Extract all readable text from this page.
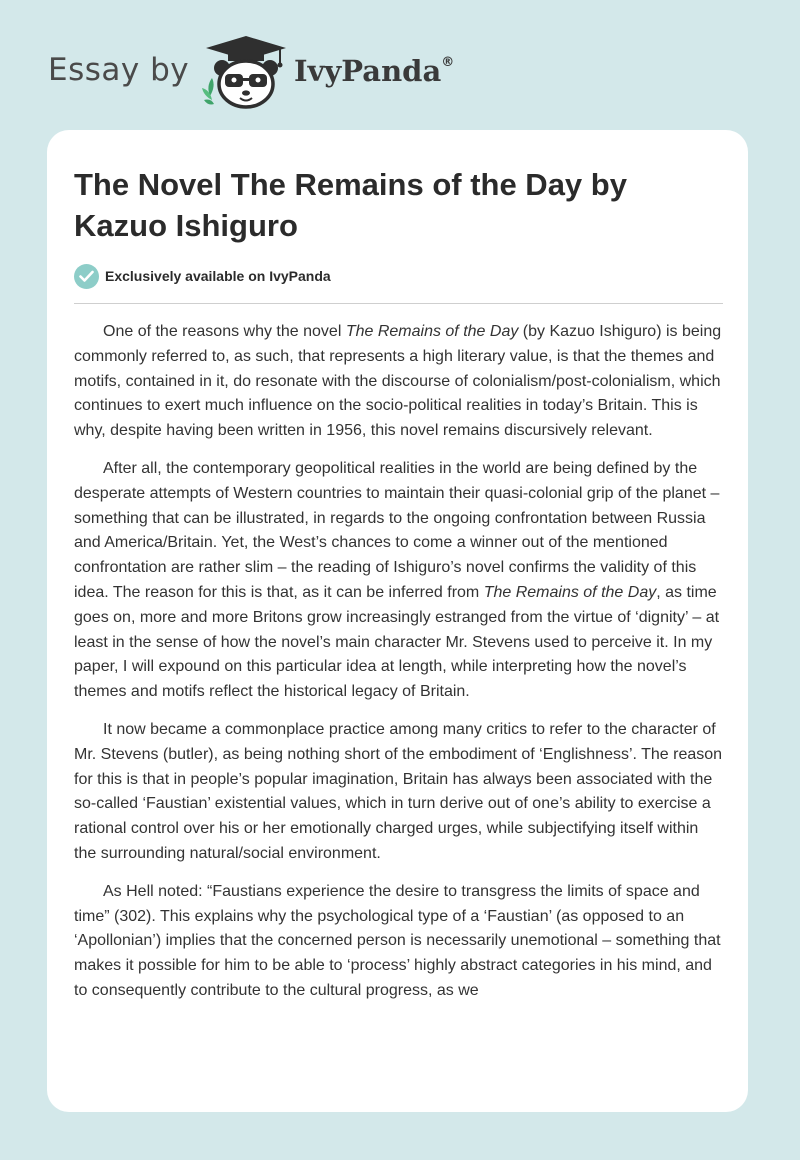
Essay by	IvyPanda®
The Novel The Remains of the Day by Kazuo Ishiguro
Exclusively available on IvyPanda

One of the reasons why the novel The Remains of the Day (by Kazuo Ishiguro) is being commonly referred to, as such, that represents a high literary value, is that the themes and motifs, contained in it, do resonate with the discourse of colonialism/post-colonialism, which continues to exert much influence on the socio-political realities in today’s Britain. This is why, despite having been written in 1956, this novel remains discursively relevant.

After all, the contemporary geopolitical realities in the world are being defined by the desperate attempts of Western countries to maintain their quasi-colonial grip of the planet – something that can be illustrated, in regards to the ongoing confrontation between Russia and America/Britain. Yet, the West’s chances to come a winner out of the mentioned confrontation are rather slim – the reading of Ishiguro’s novel confirms the validity of this idea. The reason for this is that, as it can be inferred from The Remains of the Day, as time goes on, more and more Britons grow increasingly estranged from the virtue of ‘dignity’ – at least in the sense of how the novel’s main character Mr. Stevens used to perceive it. In my paper, I will expound on this particular idea at length, while interpreting how the novel’s themes and motifs reflect the historical legacy of Britain.

It now became a commonplace practice among many critics to refer to the character of Mr. Stevens (butler), as being nothing short of the embodiment of ‘Englishness’. The reason for this is that in people’s popular imagination, Britain has always been associated with the so-called ‘Faustian’ existential values, which in turn derive out of one’s ability to exercise a rational control over his or her emotionally charged urges, while subjectifying itself within the surrounding natural/social environment.

As Hell noted: “Faustians experience the desire to transgress the limits of space and time” (302). This explains why the psychological type of a ‘Faustian’ (as opposed to an ‘Apollonian’) implies that the concerned person is necessarily unemotional – something that makes it possible for him to be able to ‘process’ highly abstract categories in his mind, and to consequently contribute to the cultural progress, as we
